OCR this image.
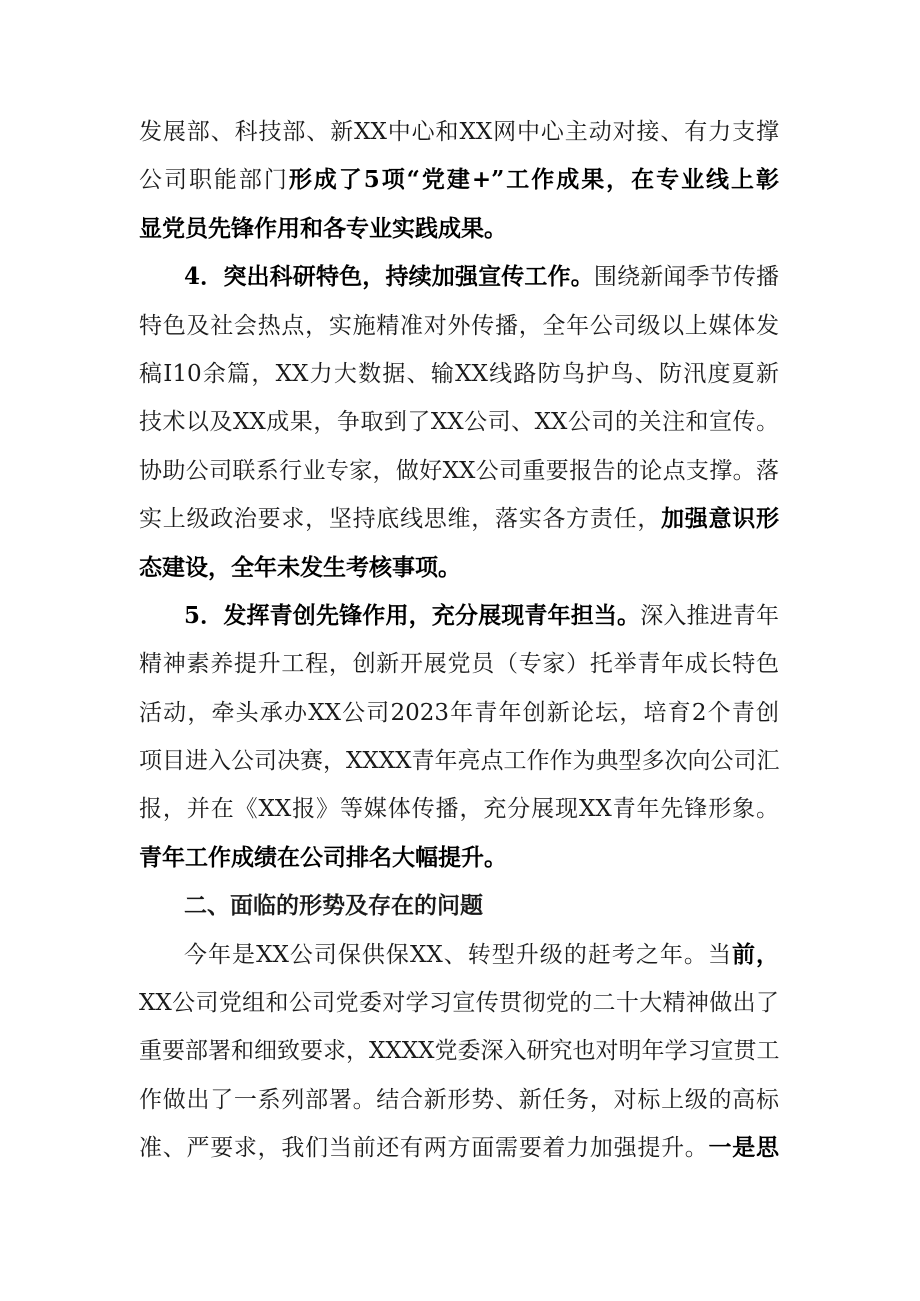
发展部、科技部、新XX中心和XX网中心主动对接、有力支撑
公司职能部门形成了5项“党建+”工作成果，在专业线上彰
显党员先锋作用和各专业实践成果。
4．突出科研特色，持续加强宣传工作。围绕新闻季节传播
特色及社会热点，实施精准对外传播，全年公司级以上媒体发
稿I10余篇，XX力大数据、输XX线路防鸟护鸟、防汛度夏新
技术以及XX成果，争取到了XX公司、XX公司的关注和宣传。
协助公司联系行业专家，做好XX公司重要报告的论点支撑。落
实上级政治要求，坚持底线思维，落实各方责任，加强意识形
态建设，全年未发生考核事项。
5．发挥青创先锋作用，充分展现青年担当。深入推进青年
精神素养提升工程，创新开展党员（专家）托举青年成长特色
活动，牵头承办XX公司2023年青年创新论坛，培育2个青创
项目进入公司决赛，XXXX青年亮点工作作为典型多次向公司汇
报，并在《XX报》等媒体传播，充分展现XX青年先锋形象。
青年工作成绩在公司排名大幅提升。
二、面临的形势及存在的问题
今年是XX公司保供保XX、转型升级的赶考之年。当前，
XX公司党组和公司党委对学习宣传贯彻党的二十大精神做出了
重要部署和细致要求，XXXX党委深入研究也对明年学习宣贯工
作做出了一系列部署。结合新形势、新任务，对标上级的高标
准、严要求，我们当前还有两方面需要着力加强提升。一是思
